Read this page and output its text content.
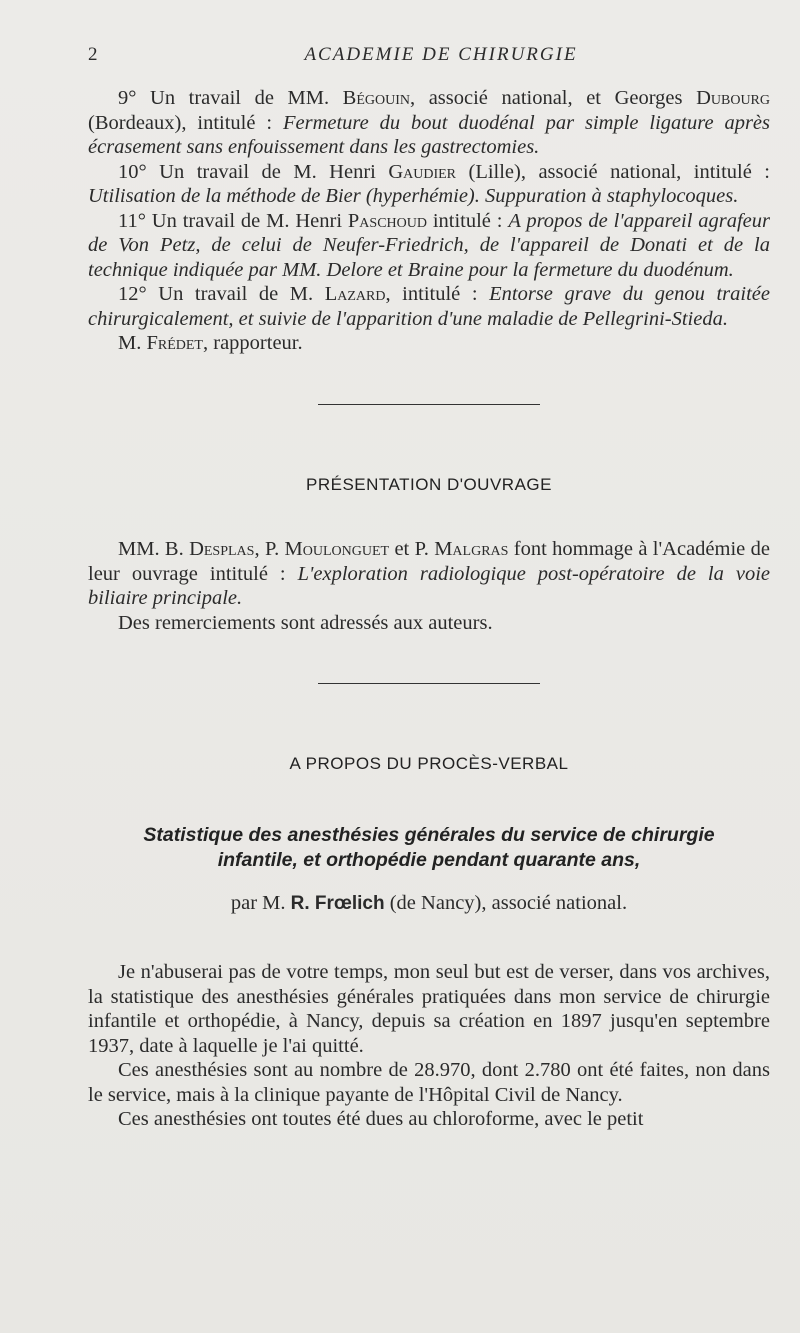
2	ACADEMIE DE CHIRURGIE

9° Un travail de MM. Bégouin, associé national, et Georges Dubourg (Bordeaux), intitulé : Fermeture du bout duodénal par simple ligature après écrasement sans enfouissement dans les gastrectomies.

10° Un travail de M. Henri Gaudier (Lille), associé national, intitulé : Utilisation de la méthode de Bier (hyperhémie). Suppuration à staphylocoques.

11° Un travail de M. Henri Paschoud intitulé : A propos de l'appareil agrafeur de Von Petz, de celui de Neufer-Friedrich, de l'appareil de Donati et de la technique indiquée par MM. Delore et Braine pour la fermeture du duodénum.

12° Un travail de M. Lazard, intitulé : Entorse grave du genou traitée chirurgicalement, et suivie de l'apparition d'une maladie de Pellegrini-Stieda.

M. Frédet, rapporteur.

PRÉSENTATION D'OUVRAGE

MM. B. Desplas, P. Moulonguet et P. Malgras font hommage à l'Académie de leur ouvrage intitulé : L'exploration radiologique post-opératoire de la voie biliaire principale.

Des remerciements sont adressés aux auteurs.

A PROPOS DU PROCÈS-VERBAL
Statistique des anesthésies générales du service de chirurgie
infantile, et orthopédie pendant quarante ans,
par M. R. Frœlich (de Nancy), associé national.

Je n'abuserai pas de votre temps, mon seul but est de verser, dans vos archives, la statistique des anesthésies générales pratiquées dans mon service de chirurgie infantile et orthopédie, à Nancy, depuis sa création en 1897 jusqu'en septembre 1937, date à laquelle je l'ai quitté.

Ces anesthésies sont au nombre de 28.970, dont 2.780 ont été faites, non dans le service, mais à la clinique payante de l'Hôpital Civil de Nancy.

Ces anesthésies ont toutes été dues au chloroforme, avec le petit
